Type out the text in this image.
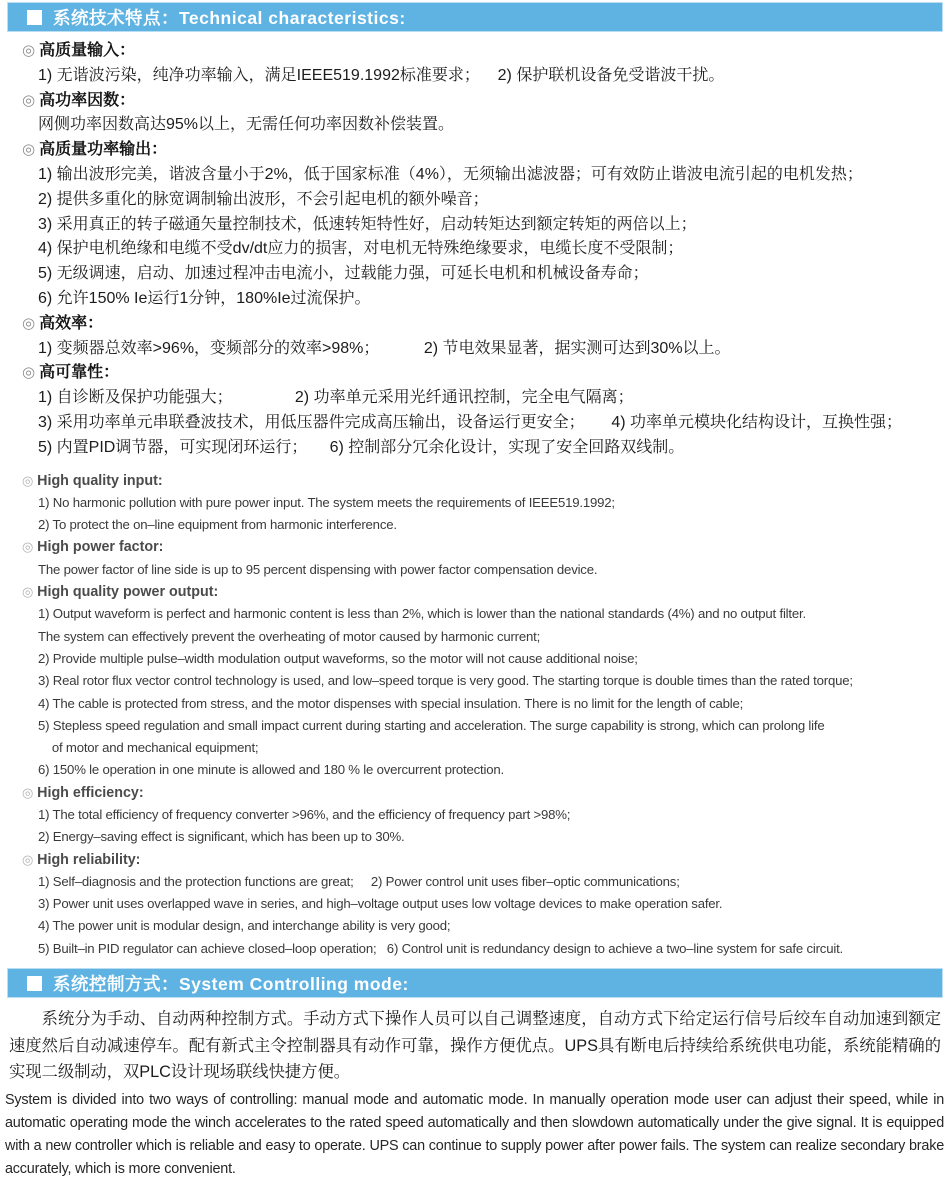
系统技术特点：Technical characteristics:
◎ 高质量输入：
1) 无谐波污染，纯净功率输入，满足IEEE519.1992标准要求；    2) 保护联机设备免受谐波干扰。
◎ 高功率因数：
网侧功率因数高达95%以上，无需任何功率因数补偿装置。
◎ 高质量功率输出：
1) 输出波形完美，谐波含量小于2%，低于国家标准（4%），无须输出滤波器；可有效防止谐波电流引起的电机发热；
2) 提供多重化的脉宽调制输出波形，不会引起电机的额外噪音；
3) 采用真正的转子磁通矢量控制技术，低速转矩特性好，启动转矩达到额定转矩的两倍以上；
4) 保护电机绝缘和电缆不受dv/dt应力的损害，对电机无特殊绝缘要求，电缆长度不受限制；
5) 无级调速，启动、加速过程冲击电流小，过载能力强，可延长电机和机械设备寿命；
6) 允许150% Ie运行1分钟，180%Ie过流保护。
◎ 高效率：
1) 变频器总效率>96%，变频部分的效率>98%；          2) 节电效果显著，据实测可达到30%以上。
◎ 高可靠性：
1) 自诊断及保护功能强大；              2) 功率单元采用光纤通讯控制，完全电气隔离；
3) 采用功率单元串联叠波技术，用低压器件完成高压输出，设备运行更安全；      4) 功率单元模块化结构设计，互换性强；
5) 内置PID调节器，可实现闭环运行；     6) 控制部分冗余化设计，实现了安全回路双线制。
◎ High quality input:
1) No harmonic pollution with pure power input. The system meets the requirements of IEEE519.1992;
2) To protect the on–line equipment from harmonic interference.
◎ High power factor:
The power factor of line side is up to 95 percent dispensing with power factor compensation device.
◎ High quality power output:
1) Output waveform is perfect and harmonic content is less than 2%, which is lower than the national standards (4%) and no output filter.
The system can effectively prevent the overheating of motor caused by harmonic current;
2) Provide multiple pulse–width modulation output waveforms, so the motor will not cause additional noise;
3) Real rotor flux vector control technology is used, and low–speed torque is very good. The starting torque is double times than the rated torque;
4) The cable is protected from stress, and the motor dispenses with special insulation. There is no limit for the length of cable;
5) Stepless speed regulation and small impact current during starting and acceleration. The surge capability is strong, which can prolong life
of motor and mechanical equipment;
6) 150% le operation in one minute is allowed and 180 % le overcurrent protection.
◎ High efficiency:
1) The total efficiency of frequency converter >96%, and the efficiency of frequency part >98%;
2) Energy–saving effect is significant, which has been up to 30%.
◎ High reliability:
1) Self–diagnosis and the protection functions are great;     2) Power control unit uses fiber–optic communications;
3) Power unit uses overlapped wave in series, and high–voltage output uses low voltage devices to make operation safer.
4) The power unit is modular design, and interchange ability is very good;
5) Built–in PID regulator can achieve closed–loop operation;   6) Control unit is redundancy design to achieve a two–line system for safe circuit.
系统控制方式：System Controlling mode:

系统分为手动、自动两种控制方式。手动方式下操作人员可以自己调整速度，自动方式下给定运行信号后绞车自动加速到额定速度然后自动减速停车。配有新式主令控制器具有动作可靠，操作方便优点。UPS具有断电后持续给系统供电功能，系统能精确的实现二级制动，双PLC设计现场联线快捷方便。

System is divided into two ways of controlling: manual mode and automatic mode. In manually operation mode user can adjust their speed, while in automatic operating mode the winch accelerates to the rated speed automatically and then slowdown automatically under the give signal. It is equipped with a new controller which is reliable and easy to operate. UPS can continue to supply power after power fails. The system can realize secondary brake accurately, which is more convenient.
